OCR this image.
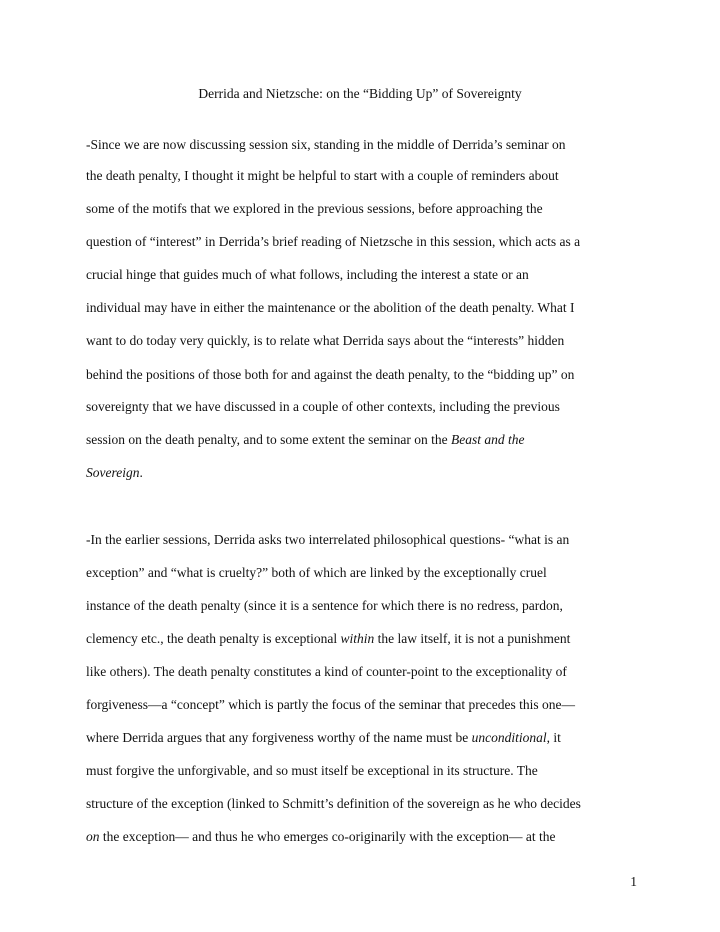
Derrida and Nietzsche: on the “Bidding Up” of Sovereignty
-Since we are now discussing session six, standing in the middle of Derrida’s seminar on
the death penalty, I thought it might be helpful to start with a couple of reminders about
some of the motifs that we explored in the previous sessions, before approaching the
question of “interest” in Derrida’s brief reading of Nietzsche in this session, which acts as a
crucial hinge that guides much of what follows, including the interest a state or an
individual may have in either the maintenance or the abolition of the death penalty. What I
want to do today very quickly, is to relate what Derrida says about the “interests” hidden
behind the positions of those both for and against the death penalty, to the “bidding up” on
sovereignty that we have discussed in a couple of other contexts, including the previous
session on the death penalty, and to some extent the seminar on the Beast and the
Sovereign.
-In the earlier sessions, Derrida asks two interrelated philosophical questions- “what is an
exception” and “what is cruelty?” both of which are linked by the exceptionally cruel
instance of the death penalty (since it is a sentence for which there is no redress, pardon,
clemency etc., the death penalty is exceptional within the law itself, it is not a punishment
like others). The death penalty constitutes a kind of counter-point to the exceptionality of
forgiveness—a “concept” which is partly the focus of the seminar that precedes this one—
where Derrida argues that any forgiveness worthy of the name must be unconditional, it
must forgive the unforgivable, and so must itself be exceptional in its structure. The
structure of the exception (linked to Schmitt’s definition of the sovereign as he who decides
on the exception— and thus he who emerges co-originarily with the exception— at the
1
